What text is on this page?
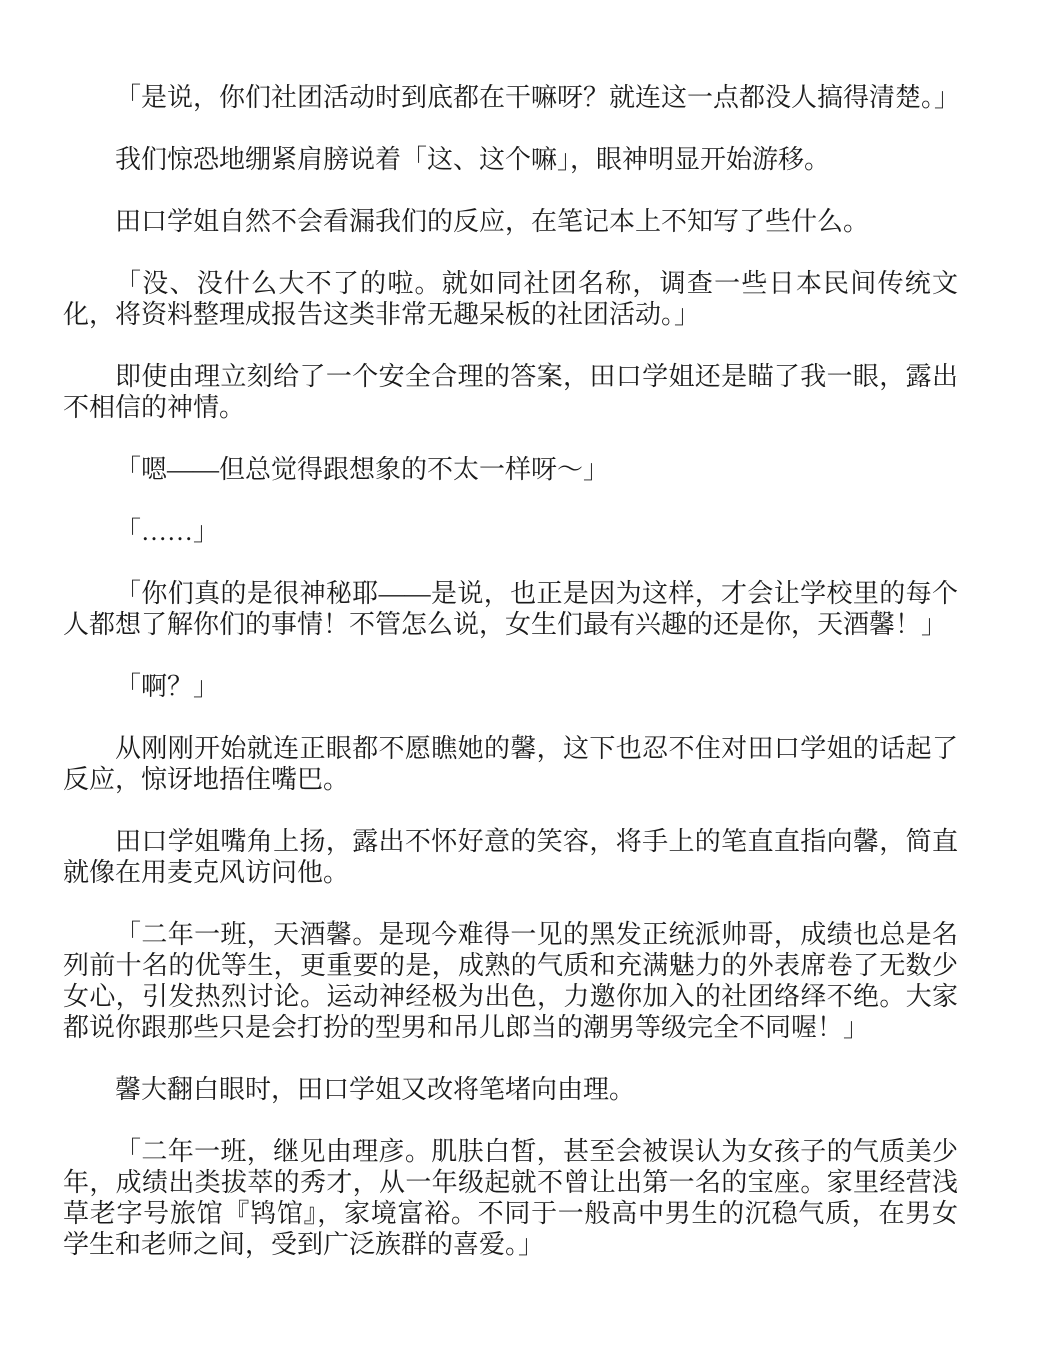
「是说，你们社团活动时到底都在干嘛呀？就连这一点都没人搞得清楚。」

我们惊恐地绷紧肩膀说着「这、这个嘛」，眼神明显开始游移。

田口学姐自然不会看漏我们的反应，在笔记本上不知写了些什么。

「没、没什么大不了的啦。就如同社团名称，调查一些日本民间传统文化，将资料整理成报告这类非常无趣呆板的社团活动。」

即使由理立刻给了一个安全合理的答案，田口学姐还是瞄了我一眼，露出不相信的神情。

「嗯——但总觉得跟想象的不太一样呀～」

「……」

「你们真的是很神秘耶——是说，也正是因为这样，才会让学校里的每个人都想了解你们的事情！不管怎么说，女生们最有兴趣的还是你，天酒馨！」

「啊？」

从刚刚开始就连正眼都不愿瞧她的馨，这下也忍不住对田口学姐的话起了反应，惊讶地捂住嘴巴。

田口学姐嘴角上扬，露出不怀好意的笑容，将手上的笔直直指向馨，简直就像在用麦克风访问他。

「二年一班，天酒馨。是现今难得一见的黑发正统派帅哥，成绩也总是名列前十名的优等生，更重要的是，成熟的气质和充满魅力的外表席卷了无数少女心，引发热烈讨论。运动神经极为出色，力邀你加入的社团络绎不绝。大家都说你跟那些只是会打扮的型男和吊儿郎当的潮男等级完全不同喔！」

馨大翻白眼时，田口学姐又改将笔堵向由理。

「二年一班，继见由理彦。肌肤白皙，甚至会被误认为女孩子的气质美少年，成绩出类拔萃的秀才，从一年级起就不曾让出第一名的宝座。家里经营浅草老字号旅馆『鸨馆』，家境富裕。不同于一般高中男生的沉稳气质，在男女学生和老师之间，受到广泛族群的喜爱。」
